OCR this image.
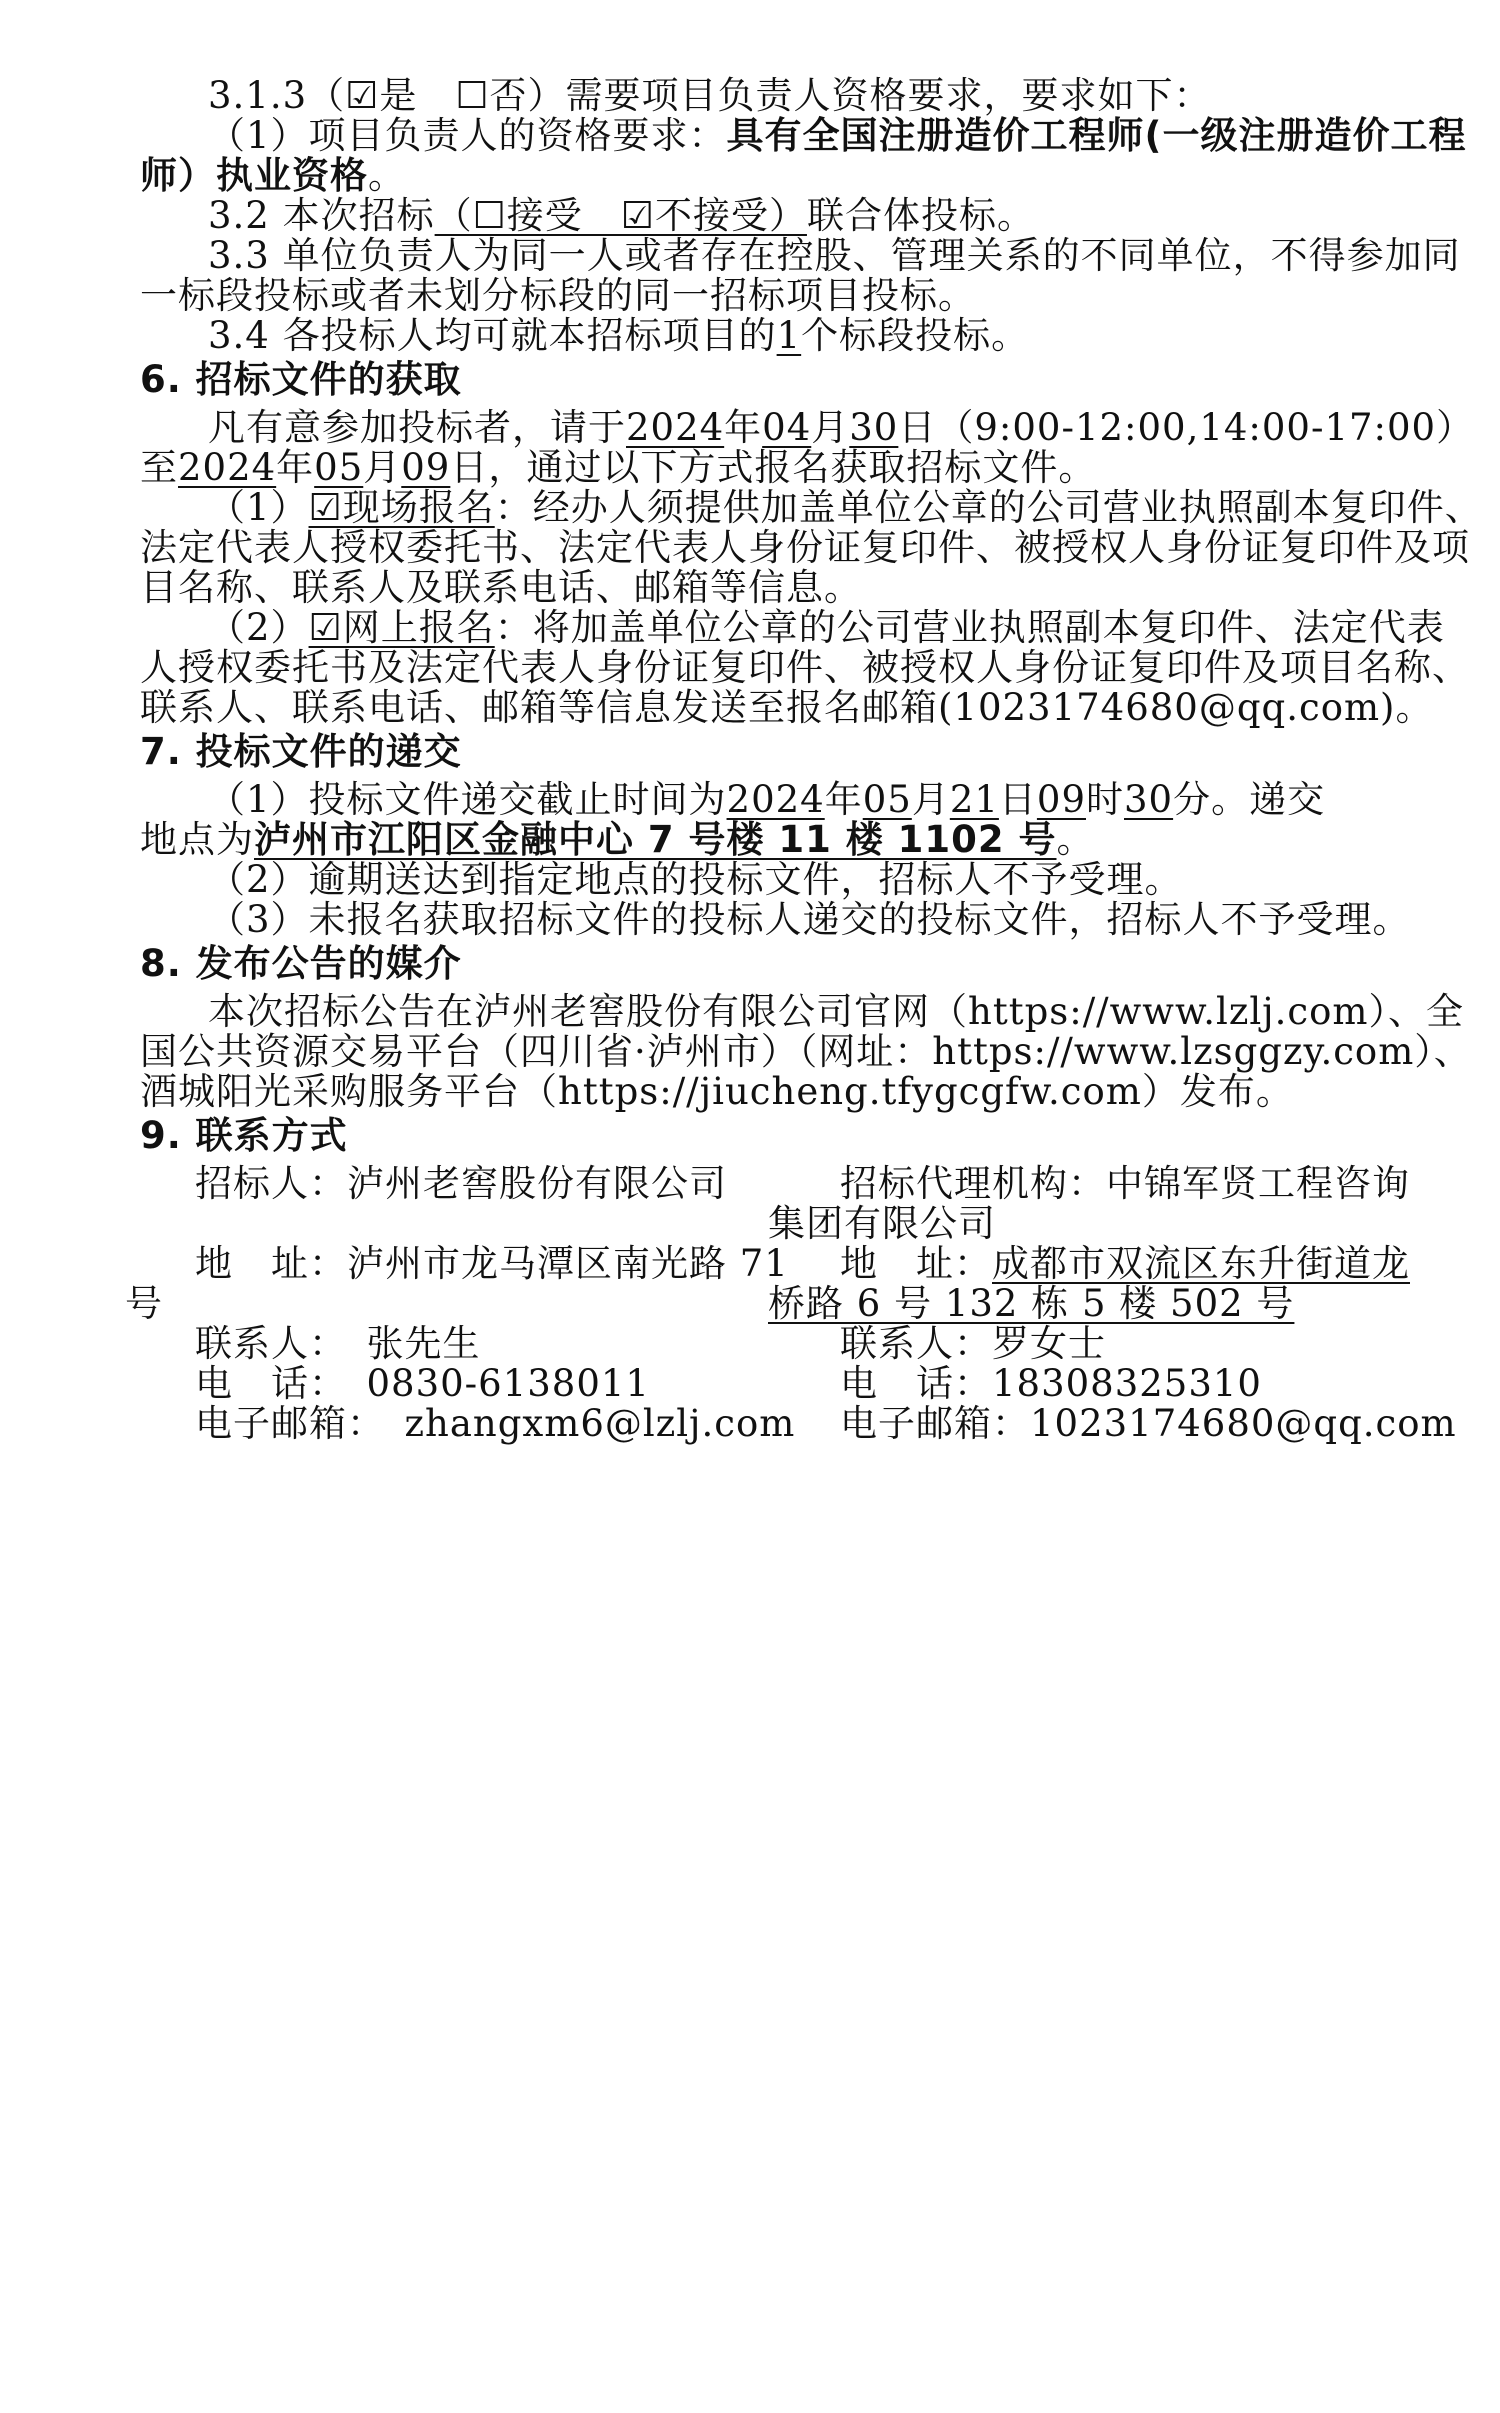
3.1.3（☑是　☐否）需要项目负责人资格要求，要求如下：
（1）项目负责人的资格要求：具有全国注册造价工程师(一级注册造价工程
师）执业资格。
3.2 本次招标（☐接受　☑不接受）联合体投标。
3.3 单位负责人为同一人或者存在控股、管理关系的不同单位，不得参加同
一标段投标或者未划分标段的同一招标项目投标。
3.4 各投标人均可就本招标项目的1个标段投标。
6. 招标文件的获取
凡有意参加投标者，请于2024年04月30日（9:00-12:00,14:00-17:00）
至2024年05月09日，通过以下方式报名获取招标文件。
（1）☑现场报名：经办人须提供加盖单位公章的公司营业执照副本复印件、
法定代表人授权委托书、法定代表人身份证复印件、被授权人身份证复印件及项
目名称、联系人及联系电话、邮箱等信息。
（2）☑网上报名：将加盖单位公章的公司营业执照副本复印件、法定代表
人授权委托书及法定代表人身份证复印件、被授权人身份证复印件及项目名称、
联系人、联系电话、邮箱等信息发送至报名邮箱(1023174680@qq.com)。
7. 投标文件的递交
（1）投标文件递交截止时间为2024年05月21日09时30分。递交
地点为泸州市江阳区金融中心 7 号楼 11 楼 1102 号。
（2）逾期送达到指定地点的投标文件，招标人不予受理。
（3）未报名获取招标文件的投标人递交的投标文件，招标人不予受理。
8. 发布公告的媒介
本次招标公告在泸州老窖股份有限公司官网（https://www.lzlj.com）、全
国公共资源交易平台（四川省·泸州市）（网址：https://www.lzsggzy.com）、
酒城阳光采购服务平台（https://jiucheng.tfygcgfw.com）发布。
9. 联系方式
招标人：泸州老窖股份有限公司
地　址：泸州市龙马潭区南光路 71
号
联系人：　张先生
电　话：　0830-6138011
电子邮箱：　zhangxm6@lzlj.com
招标代理机构：中锦军贤工程咨询
集团有限公司
地　址：成都市双流区东升街道龙
桥路 6 号 132 栋 5 楼 502 号
联系人：罗女士
电　话：18308325310
电子邮箱：1023174680@qq.com
